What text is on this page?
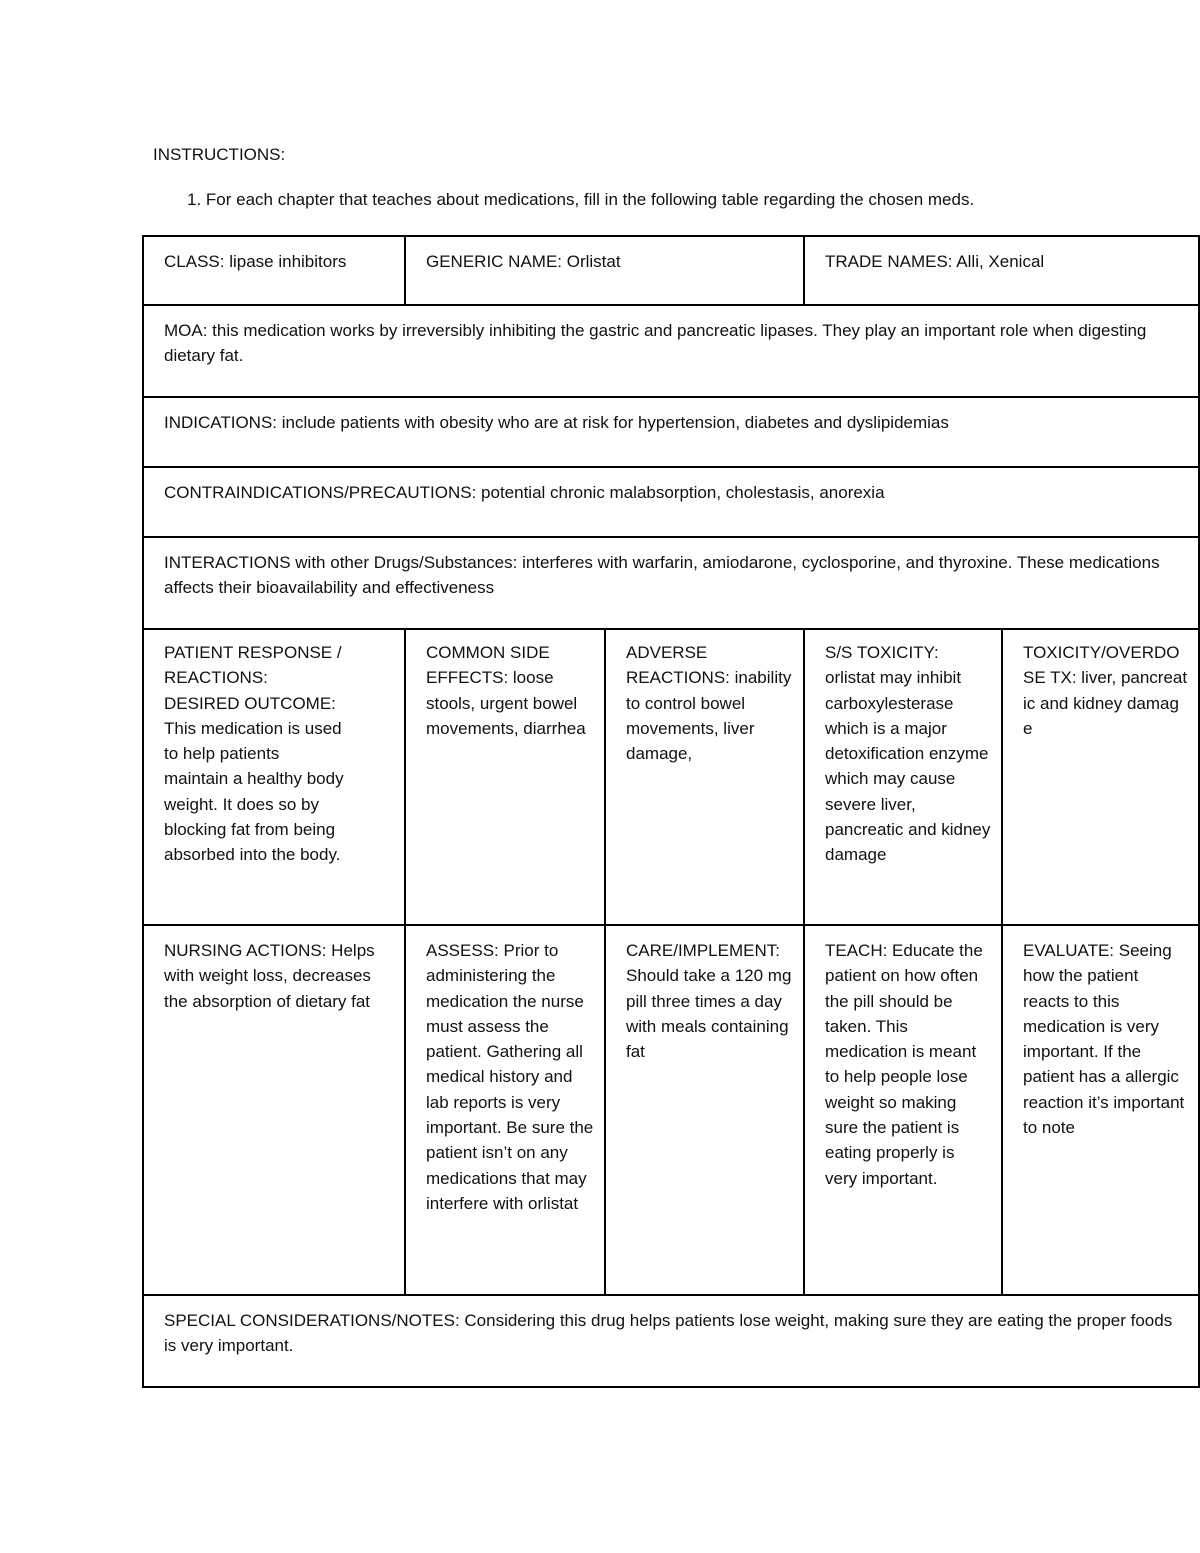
INSTRUCTIONS:
1. For each chapter that teaches about medications, fill in the following table regarding the chosen meds.
CLASS: lipase inhibitors	GENERIC NAME: Orlistat		TRADE NAMES: Alli, Xenical	
MOA: this medication works by irreversibly inhibiting the gastric and pancreatic lipases. They play an important role when digesting dietary fat.				
INDICATIONS: include patients with obesity who are at risk for hypertension, diabetes and dyslipidemias				
CONTRAINDICATIONS/PRECAUTIONS: potential chronic malabsorption, cholestasis, anorexia				
INTERACTIONS with other Drugs/Substances: interferes with warfarin, amiodarone, cyclosporine, and thyroxine. These medications affects their bioavailability and effectiveness				
PATIENT RESPONSE / REACTIONS: DESIRED OUTCOME: This medication is used to help patients maintain a healthy body weight. It does so by blocking fat from being absorbed into the body.	COMMON SIDE EFFECTS: loose stools, urgent bowel movements, diarrhea	ADVERSE REACTIONS: inability to control bowel movements, liver damage,	S/S TOXICITY: orlistat may inhibit carboxylesterase which is a major detoxification enzyme which may cause severe liver, pancreatic and kidney damage	TOXICITY/OVERDOSE TX: liver, pancreatic and kidney damage
NURSING ACTIONS: Helps with weight loss, decreases the absorption of dietary fat	ASSESS: Prior to administering the medication the nurse must assess the patient. Gathering all medical history and lab reports is very important. Be sure the patient isn’t on any medications that may interfere with orlistat	CARE/IMPLEMENT: Should take a 120 mg pill three times a day with meals containing fat	TEACH: Educate the patient on how often the pill should be taken. This medication is meant to help people lose weight so making sure the patient is eating properly is very important.	EVALUATE: Seeing how the patient reacts to this medication is very important. If the patient has a allergic reaction it’s important to note
SPECIAL CONSIDERATIONS/NOTES: Considering this drug helps patients lose weight, making sure they are eating the proper foods is very important.				
